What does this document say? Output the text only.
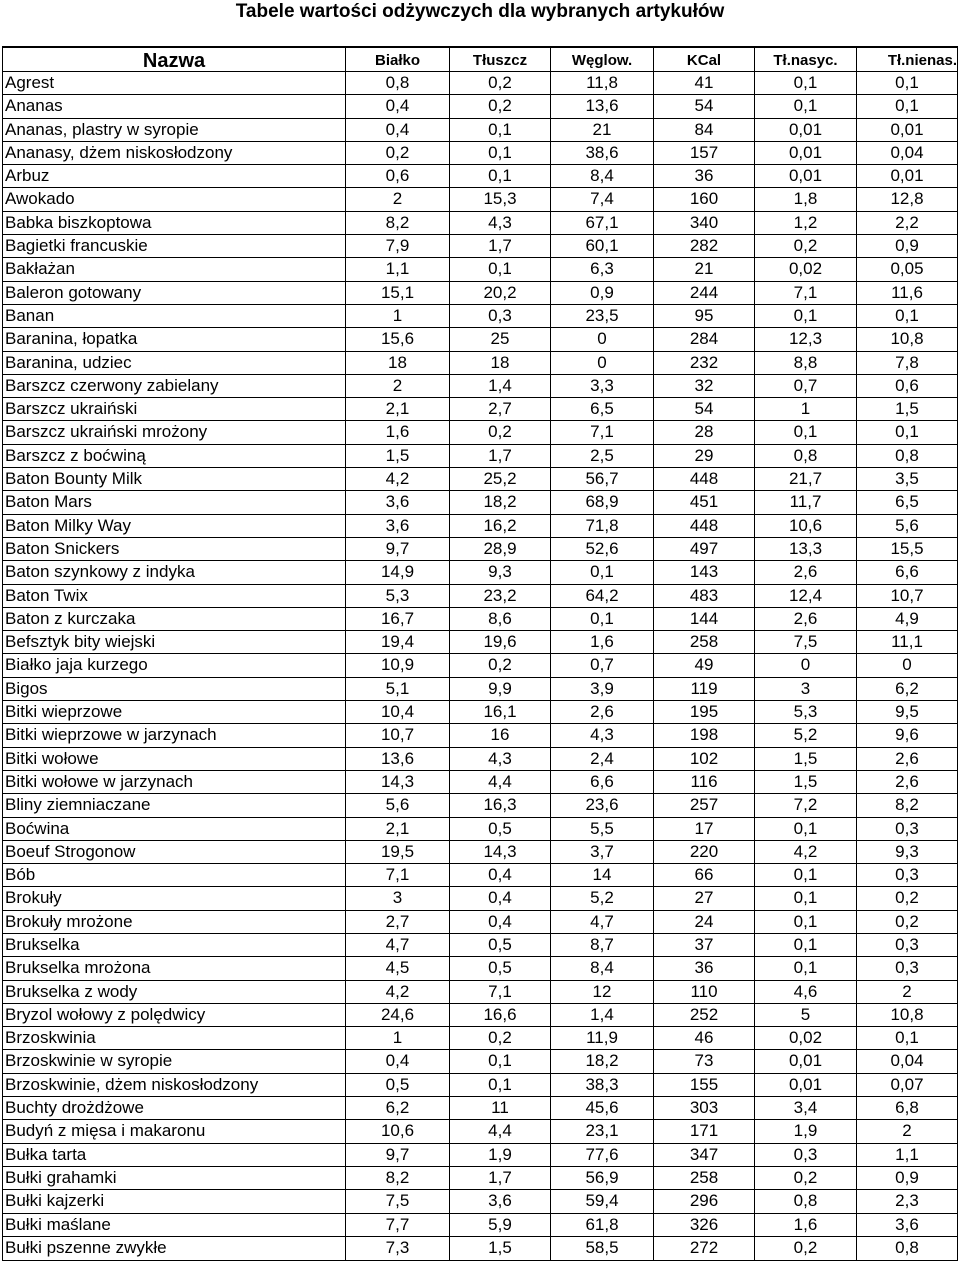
Tabele wartości odżywczych dla wybranych artykułów
Nazwa	Białko	Tłuszcz	Węglow.	KCal	Tł.nasyc.	Tł.nienas.
Agrest	0,8	0,2	11,8	41	0,1	0,1
Ananas	0,4	0,2	13,6	54	0,1	0,1
Ananas, plastry w syropie	0,4	0,1	21	84	0,01	0,01
Ananasy, dżem niskosłodzony	0,2	0,1	38,6	157	0,01	0,04
Arbuz	0,6	0,1	8,4	36	0,01	0,01
Awokado	2	15,3	7,4	160	1,8	12,8
Babka biszkoptowa	8,2	4,3	67,1	340	1,2	2,2
Bagietki francuskie	7,9	1,7	60,1	282	0,2	0,9
Bakłażan	1,1	0,1	6,3	21	0,02	0,05
Baleron gotowany	15,1	20,2	0,9	244	7,1	11,6
Banan	1	0,3	23,5	95	0,1	0,1
Baranina, łopatka	15,6	25	0	284	12,3	10,8
Baranina, udziec	18	18	0	232	8,8	7,8
Barszcz czerwony zabielany	2	1,4	3,3	32	0,7	0,6
Barszcz ukraiński	2,1	2,7	6,5	54	1	1,5
Barszcz ukraiński mrożony	1,6	0,2	7,1	28	0,1	0,1
Barszcz z boćwiną	1,5	1,7	2,5	29	0,8	0,8
Baton Bounty Milk	4,2	25,2	56,7	448	21,7	3,5
Baton Mars	3,6	18,2	68,9	451	11,7	6,5
Baton Milky Way	3,6	16,2	71,8	448	10,6	5,6
Baton Snickers	9,7	28,9	52,6	497	13,3	15,5
Baton szynkowy z indyka	14,9	9,3	0,1	143	2,6	6,6
Baton Twix	5,3	23,2	64,2	483	12,4	10,7
Baton z kurczaka	16,7	8,6	0,1	144	2,6	4,9
Befsztyk bity wiejski	19,4	19,6	1,6	258	7,5	11,1
Białko jaja kurzego	10,9	0,2	0,7	49	0	0
Bigos	5,1	9,9	3,9	119	3	6,2
Bitki wieprzowe	10,4	16,1	2,6	195	5,3	9,5
Bitki wieprzowe w jarzynach	10,7	16	4,3	198	5,2	9,6
Bitki wołowe	13,6	4,3	2,4	102	1,5	2,6
Bitki wołowe w jarzynach	14,3	4,4	6,6	116	1,5	2,6
Bliny ziemniaczane	5,6	16,3	23,6	257	7,2	8,2
Boćwina	2,1	0,5	5,5	17	0,1	0,3
Boeuf Strogonow	19,5	14,3	3,7	220	4,2	9,3
Bób	7,1	0,4	14	66	0,1	0,3
Brokuły	3	0,4	5,2	27	0,1	0,2
Brokuły mrożone	2,7	0,4	4,7	24	0,1	0,2
Brukselka	4,7	0,5	8,7	37	0,1	0,3
Brukselka mrożona	4,5	0,5	8,4	36	0,1	0,3
Brukselka z wody	4,2	7,1	12	110	4,6	2
Bryzol wołowy z polędwicy	24,6	16,6	1,4	252	5	10,8
Brzoskwinia	1	0,2	11,9	46	0,02	0,1
Brzoskwinie w syropie	0,4	0,1	18,2	73	0,01	0,04
Brzoskwinie, dżem niskosłodzony	0,5	0,1	38,3	155	0,01	0,07
Buchty drożdżowe	6,2	11	45,6	303	3,4	6,8
Budyń z mięsa i makaronu	10,6	4,4	23,1	171	1,9	2
Bułka tarta	9,7	1,9	77,6	347	0,3	1,1
Bułki grahamki	8,2	1,7	56,9	258	0,2	0,9
Bułki kajzerki	7,5	3,6	59,4	296	0,8	2,3
Bułki maślane	7,7	5,9	61,8	326	1,6	3,6
Bułki pszenne zwykłe	7,3	1,5	58,5	272	0,2	0,8
